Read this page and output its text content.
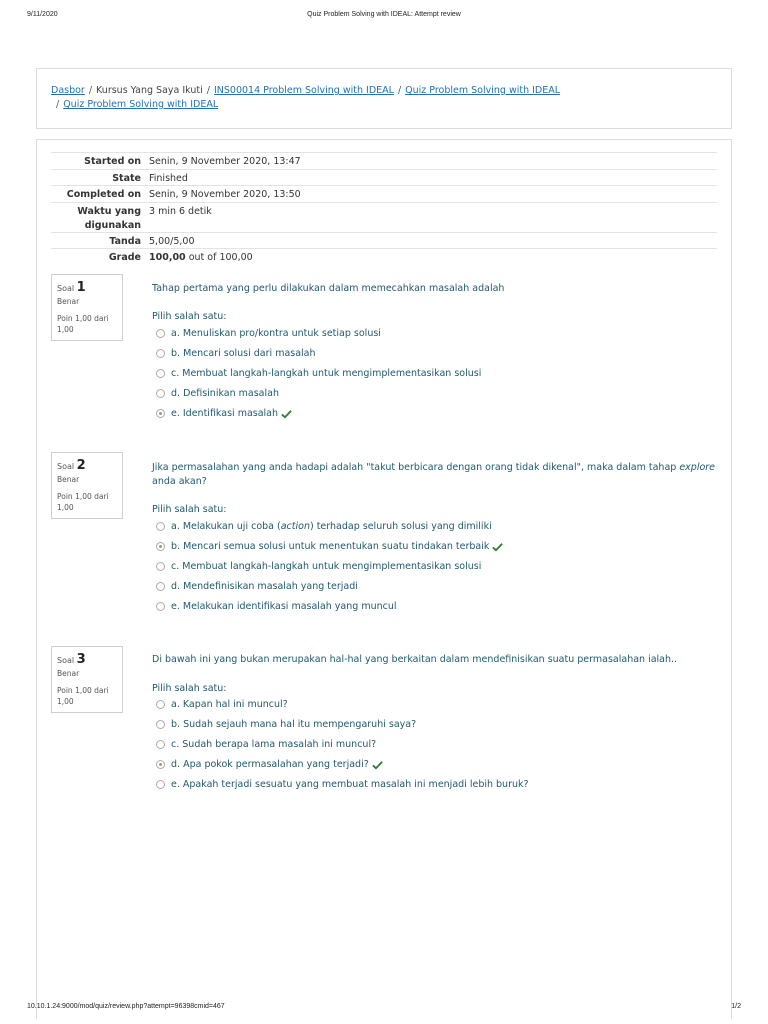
9/11/2020	Quiz Problem Solving with IDEAL: Attempt review
Dasbor / Kursus Yang Saya Ikuti / INS00014 Problem Solving with IDEAL / Quiz Problem Solving with IDEAL
/ Quiz Problem Solving with IDEAL
Started on Senin, 9 November 2020, 13:47
State Finished
Completed on Senin, 9 November 2020, 13:50
Waktu yang
digunakan
3 min 6 detik
Tanda 5,00/5,00
Grade 100,00 out of 100,00
Soal 1
Benar
Poin 1,00 dari
1,00
Tahap pertama yang perlu dilakukan dalam memecahkan masalah adalah
Pilih salah satu:
a. Menuliskan pro/kontra untuk setiap solusi
b. Mencari solusi dari masalah
c. Membuat langkah-langkah untuk mengimplementasikan solusi
d. Defisinikan masalah
e. Identifikasi masalah
Soal 2
Benar
Poin 1,00 dari
1,00
Jika permasalahan yang anda hadapi adalah "takut berbicara dengan orang tidak dikenal", maka dalam tahap explore
anda akan?
Pilih salah satu:
a. Melakukan uji coba (action) terhadap seluruh solusi yang dimiliki
b. Mencari semua solusi untuk menentukan suatu tindakan terbaik
c. Membuat langkah-langkah untuk mengimplementasikan solusi
d. Mendefinisikan masalah yang terjadi
e. Melakukan identifikasi masalah yang muncul
Soal 3
Benar
Poin 1,00 dari
1,00
Di bawah ini yang bukan merupakan hal-hal yang berkaitan dalam mendefinisikan suatu permasalahan ialah..
Pilih salah satu:
a. Kapan hal ini muncul?
b. Sudah sejauh mana hal itu mempengaruhi saya?
c. Sudah berapa lama masalah ini muncul?
d. Apa pokok permasalahan yang terjadi?
e. Apakah terjadi sesuatu yang membuat masalah ini menjadi lebih buruk?
10.10.1.24:9000/mod/quiz/review.php?attempt=96398cmid=467	1/2
